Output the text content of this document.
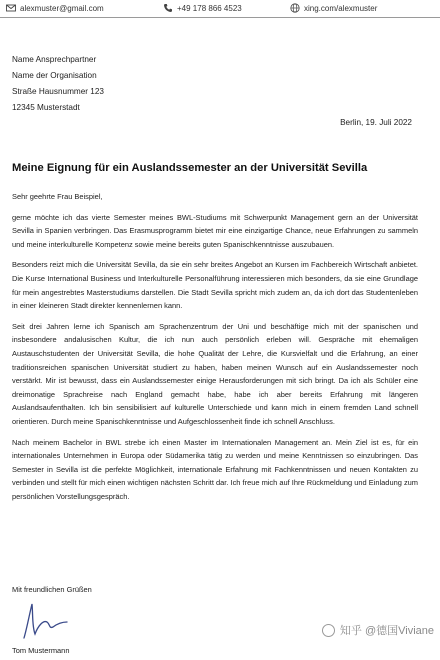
alexmuster@gmail.com	+49 178 866 4523	xing.com/alexmuster
Name Ansprechpartner
Name der Organisation
Straße Hausnummer 123
12345 Musterstadt
Berlin, 19. Juli 2022
Meine Eignung für ein Auslandssemester an der Universität Sevilla

Sehr geehrte Frau Beispiel,

gerne möchte ich das vierte Semester meines BWL-Studiums mit Schwerpunkt Management gern an der Universität Sevilla in Spanien verbringen. Das Erasmusprogramm bietet mir eine einzigartige Chance, neue Erfahrungen zu sammeln und meine interkulturelle Kompetenz sowie meine bereits guten Spanischkenntnisse auszubauen.

Besonders reizt mich die Universität Sevilla, da sie ein sehr breites Angebot an Kursen im Fachbereich Wirtschaft anbietet. Die Kurse International Business und Interkulturelle Personalführung interessieren mich besonders, da sie eine Grundlage für mein angestrebtes Masterstudiums darstellen. Die Stadt Sevilla spricht mich zudem an, da ich dort das Studentenleben in einer kleineren Stadt direkter kennenlernen kann.

Seit drei Jahren lerne ich Spanisch am Sprachenzentrum der Uni und beschäftige mich mit der spanischen und insbesondere andalusischen Kultur, die ich nun auch persönlich erleben will. Gespräche mit ehemaligen Austauschstudenten der Universität Sevilla, die hohe Qualität der Lehre, die Kursvielfalt und die Erfahrung, an einer traditionsreichen spanischen Universität studiert zu haben, haben meinen Wunsch auf ein Auslandssemester noch verstärkt. Mir ist bewusst, dass ein Auslandssemester einige Herausforderungen mit sich bringt. Da ich als Schüler eine dreimonatige Sprachreise nach England gemacht habe, habe ich aber bereits Erfahrung mit längeren Auslandsaufenthalten. Ich bin sensibilisiert auf kulturelle Unterschiede und kann mich in einem fremden Land schnell orientieren. Durch meine Spanischkenntnisse und Aufgeschlossenheit finde ich schnell Anschluss.

Nach meinem Bachelor in BWL strebe ich einen Master im Internationalen Management an. Mein Ziel ist es, für ein internationales Unternehmen in Europa oder Südamerika tätig zu werden und meine Kenntnissen so einzubringen. Das Semester in Sevilla ist die perfekte Möglichkeit, internationale Erfahrung mit Fachkenntnissen und neuen Kontakten zu verbinden und stellt für mich einen wichtigen nächsten Schritt dar. Ich freue mich auf Ihre Rückmeldung und Einladung zum persönlichen Vorstellungsgespräch.

Mit freundlichen Grüßen
Tom Mustermann
知乎 @德国Viviane
